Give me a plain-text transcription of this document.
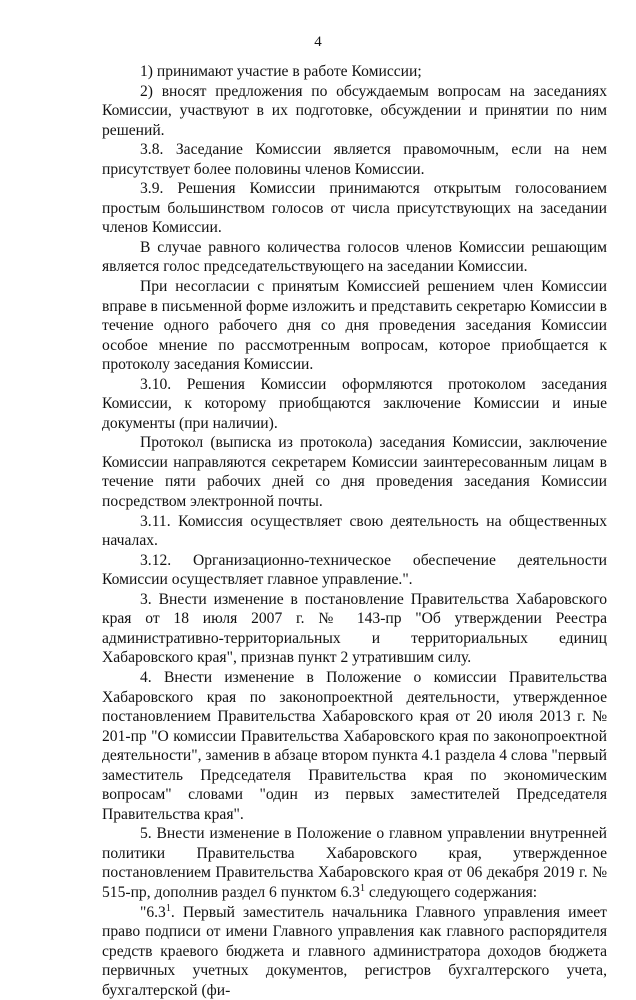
4

1) принимают участие в работе Комиссии;

2) вносят предложения по обсуждаемым вопросам на заседаниях Комиссии, участвуют в их подготовке, обсуждении и принятии по ним решений.

3.8. Заседание Комиссии является правомочным, если на нем присутствует более половины членов Комиссии.

3.9. Решения Комиссии принимаются открытым голосованием простым большинством голосов от числа присутствующих на заседании членов Комиссии.

В случае равного количества голосов членов Комиссии решающим является голос председательствующего на заседании Комиссии.

При несогласии с принятым Комиссией решением член Комиссии вправе в письменной форме изложить и представить секретарю Комиссии в течение одного рабочего дня со дня проведения заседания Комиссии особое мнение по рассмотренным вопросам, которое приобщается к протоколу заседания Комиссии.

3.10. Решения Комиссии оформляются протоколом заседания Комиссии, к которому приобщаются заключение Комиссии и иные документы (при наличии).

Протокол (выписка из протокола) заседания Комиссии, заключение Комиссии направляются секретарем Комиссии заинтересованным лицам в течение пяти рабочих дней со дня проведения заседания Комиссии посредством электронной почты.

3.11. Комиссия осуществляет свою деятельность на общественных началах.

3.12. Организационно-техническое обеспечение деятельности Комиссии осуществляет главное управление.".

3. Внести изменение в постановление Правительства Хабаровского края от 18 июля 2007 г. № 143-пр "Об утверждении Реестра административно-территориальных и территориальных единиц Хабаровского края", признав пункт 2 утратившим силу.

4. Внести изменение в Положение о комиссии Правительства Хабаровского края по законопроектной деятельности, утвержденное постановлением Правительства Хабаровского края от 20 июля 2013 г. № 201-пр "О комиссии Правительства Хабаровского края по законопроектной деятельности", заменив в абзаце втором пункта 4.1 раздела 4 слова "первый заместитель Председателя Правительства края по экономическим вопросам" словами "один из первых заместителей Председателя Правительства края".

5. Внести изменение в Положение о главном управлении внутренней политики Правительства Хабаровского края, утвержденное постановлением Правительства Хабаровского края от 06 декабря 2019 г. № 515-пр, дополнив раздел 6 пунктом $6.3^1$ следующего содержания:

"$6.3^1$. Первый заместитель начальника Главного управления имеет право подписи от имени Главного управления как главного распорядителя средств краевого бюджета и главного администратора доходов бюджета первичных учетных документов, регистров бухгалтерского учета, бухгалтерской (фи-
